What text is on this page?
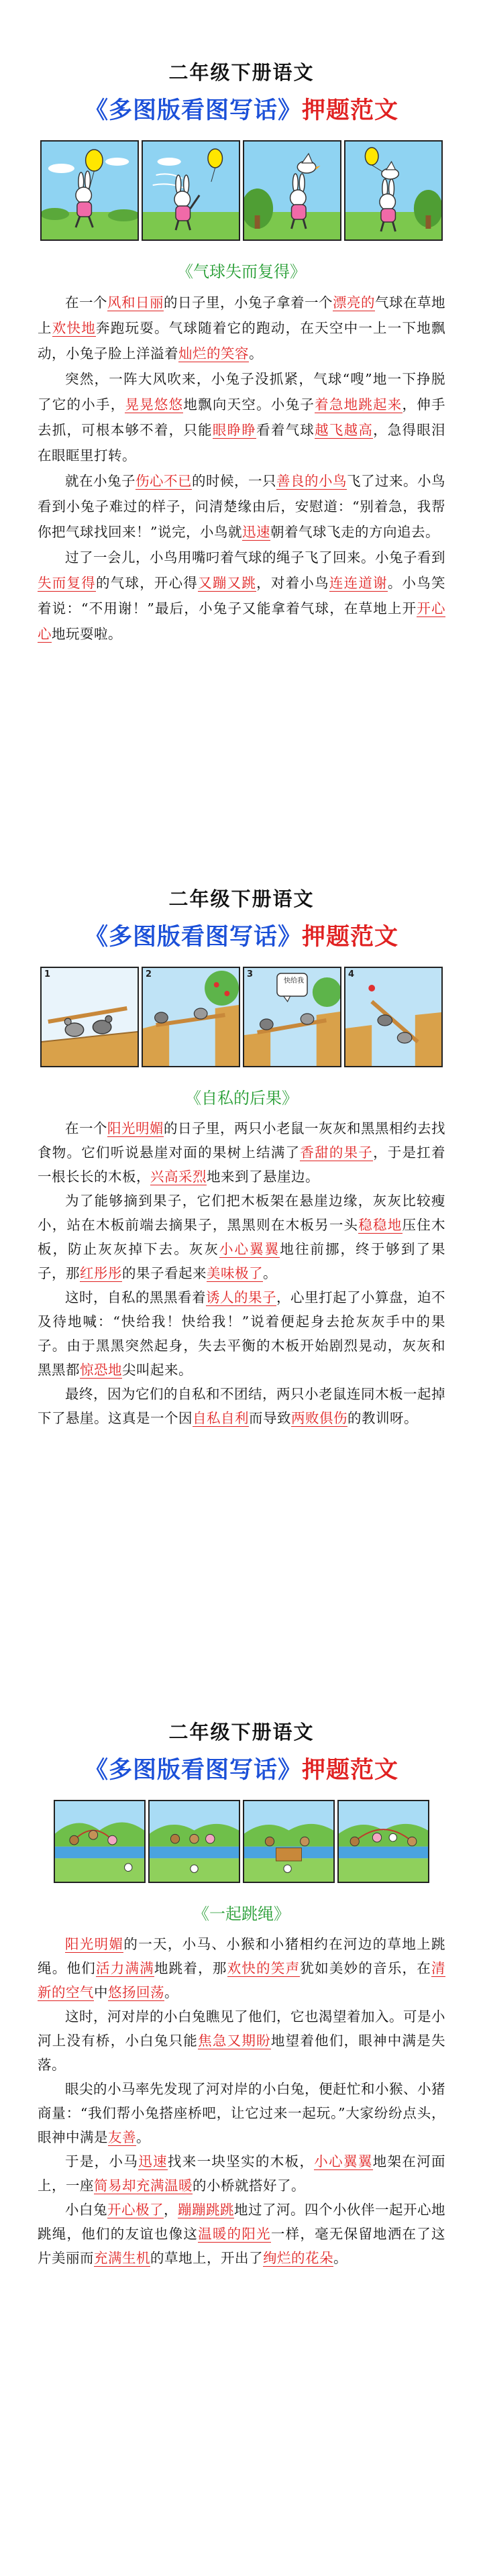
二年级下册语文
《多图版看图写话》押题范文
《气球失而复得》

在一个风和日丽的日子里，小兔子拿着一个漂亮的气球在草地上欢快地奔跑玩耍。气球随着它的跑动，在天空中一上一下地飘动，小兔子脸上洋溢着灿烂的笑容。

突然，一阵大风吹来，小兔子没抓紧，气球“嗖”地一下挣脱了它的小手，晃晃悠悠地飘向天空。小兔子着急地跳起来，伸手去抓，可根本够不着，只能眼睁睁看着气球越飞越高，急得眼泪在眼眶里打转。

就在小兔子伤心不已的时候，一只善良的小鸟飞了过来。小鸟看到小兔子难过的样子，问清楚缘由后，安慰道：“别着急，我帮你把气球找回来！”说完，小鸟就迅速朝着气球飞走的方向追去。

过了一会儿，小鸟用嘴叼着气球的绳子飞了回来。小兔子看到失而复得的气球，开心得又蹦又跳，对着小鸟连连道谢。小鸟笑着说：“不用谢！”最后，小兔子又能拿着气球，在草地上开开心心地玩耍啦。

二年级下册语文
《多图版看图写话》押题范文
1	2	3
快给我
4
《自私的后果》

在一个阳光明媚的日子里，两只小老鼠一灰灰和黑黑相约去找食物。它们听说悬崖对面的果树上结满了香甜的果子，于是扛着一根长长的木板，兴高采烈地来到了悬崖边。

为了能够摘到果子，它们把木板架在悬崖边缘，灰灰比较瘦小，站在木板前端去摘果子，黑黑则在木板另一头稳稳地压住木板，防止灰灰掉下去。灰灰小心翼翼地往前挪，终于够到了果子，那红彤彤的果子看起来美味极了。

这时，自私的黑黑看着诱人的果子，心里打起了小算盘，迫不及待地喊：“快给我！快给我！”说着便起身去抢灰灰手中的果子。由于黑黑突然起身，失去平衡的木板开始剧烈晃动，灰灰和黑黑都惊恐地尖叫起来。

最终，因为它们的自私和不团结，两只小老鼠连同木板一起掉下了悬崖。这真是一个因自私自利而导致两败俱伤的教训呀。

二年级下册语文
《多图版看图写话》押题范文
《一起跳绳》

阳光明媚的一天，小马、小猴和小猪相约在河边的草地上跳绳。他们活力满满地跳着，那欢快的笑声犹如美妙的音乐，在清新的空气中悠扬回荡。

这时，河对岸的小白兔瞧见了他们，它也渴望着加入。可是小河上没有桥，小白兔只能焦急又期盼地望着他们，眼神中满是失落。

眼尖的小马率先发现了河对岸的小白兔，便赶忙和小猴、小猪商量：“我们帮小兔搭座桥吧，让它过来一起玩。”大家纷纷点头，眼神中满是友善。

于是，小马迅速找来一块坚实的木板，小心翼翼地架在河面上，一座简易却充满温暖的小桥就搭好了。

小白兔开心极了，蹦蹦跳跳地过了河。四个小伙伴一起开心地跳绳，他们的友谊也像这温暖的阳光一样，毫无保留地洒在了这片美丽而充满生机的草地上，开出了绚烂的花朵。
